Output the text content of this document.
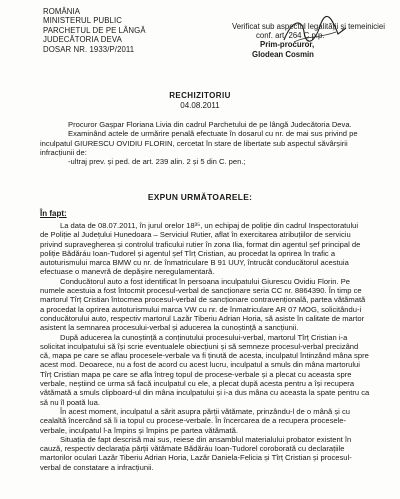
ROMÂNIA
MINISTERUL PUBLIC
PARCHETUL DE PE LÂNGĂ
JUDECĂTORIA DEVA
DOSAR NR. 1933/P/2011
Verificat sub aspectul legalității și temeiniciei
conf. art. 264 C.p.p.
Prim-procuror,
Glodean Cosmin
RECHIZITORIU
04.08.2011
Procuror Gașpar Floriana Livia din cadrul Parchetului de pe lângă Judecătoria Deva.
Examinând actele de urmărire penală efectuate în dosarul cu nr. de mai sus privind pe
inculpatul GIURESCU OVIDIU FLORIN, cercetat în stare de libertate sub aspectul săvârșirii
infracțiunii de:
-ultraj prev. și ped. de art. 239 alin. 2 și 5 din C. pen.;
EXPUN URMĂTOARELE:
În fapt:
La data de 08.07.2011, în jurul orelor 18³⁵, un echipaj de poliție din cadrul Inspectoratului
de Poliție al Județului Hunedoara – Serviciul Rutier, aflat în exercitarea atribuțiilor de serviciu
privind supravegherea și controlul traficului rutier în zona Ilia, format din agentul șef principal de
poliție Bădăráu Ioan-Tudorel și agentul șef Tîrț Cristian, au procedat la oprirea în trafic a
autoturismului marca BMW cu nr. de înmatriculare B 91 UUY, întrucât conducătorul acestuia
efectuase o manevră de depășire neregulamentară.
Conducătorul auto a fost identificat în persoana inculpatului Giurescu Ovidiu Florin. Pe
numele acestuia a fost întocmit procesul-verbal de sancționare seria CC nr. 8864390. În timp ce
martorul Tîrț Cristian întocmea procesul-verbal de sancționare contravențională, partea vătămată
a procedat la oprirea autoturismului marca VW cu nr. de înmatriculare AR 07 MOG, solicitându-i
conducătorului auto, respectiv martorul Lazăr Tiberiu Adrian Horia, să asiste în calitate de martor
asistent la semnarea procesului-verbal și aducerea la cunoștință a sancțiunii.
După aducerea la cunoștință a conținutului procesului-verbal, martorul Tîrț Cristian i-a
solicitat inculpatului să își scrie eventualele obiecțiuni și să semneze procesul-verbal precizând
că, mapa pe care se aflau procesele-verbale va fi ținută de acesta, inculpatul întinzând mâna spre
acest mod. Deoarece, nu a fost de acord cu acest lucru, inculpatul a smuls din mâna martorului
Tîrț Cristian mapa pe care se afla întreg topul de procese-verbale și a plecat cu aceasta spre
verbale, neștiind ce urma să facă inculpatul cu ele, a plecat după acesta pentru a își recupera
vătămată a smuls clipboard-ul din mâna inculpatului și i-a dus mâna cu aceasta la spate pentru ca
să nu îl poată lua.
În acest moment, inculpatul a sărit asupra părții vătămate, prinzându-l de o mână și cu
cealaltă încercând să îi ia topul cu procese-verbale. În încercarea de a recupera procesele-
verbale, inculpatul l-a împins și împins pe partea vătămată.
Situația de fapt descrisă mai sus, reiese din ansamblul materialului probator existent în
cauză, respectiv declarația părții vătămate Bădăráu Ioan-Tudorel coroborată cu declarațiile
martorilor oculari Lazăr Tiberiu Adrian Horia, Lazăr Daniela-Felicia și Tîrț Cristian și procesul-
verbal de constatare a infracțiunii.
